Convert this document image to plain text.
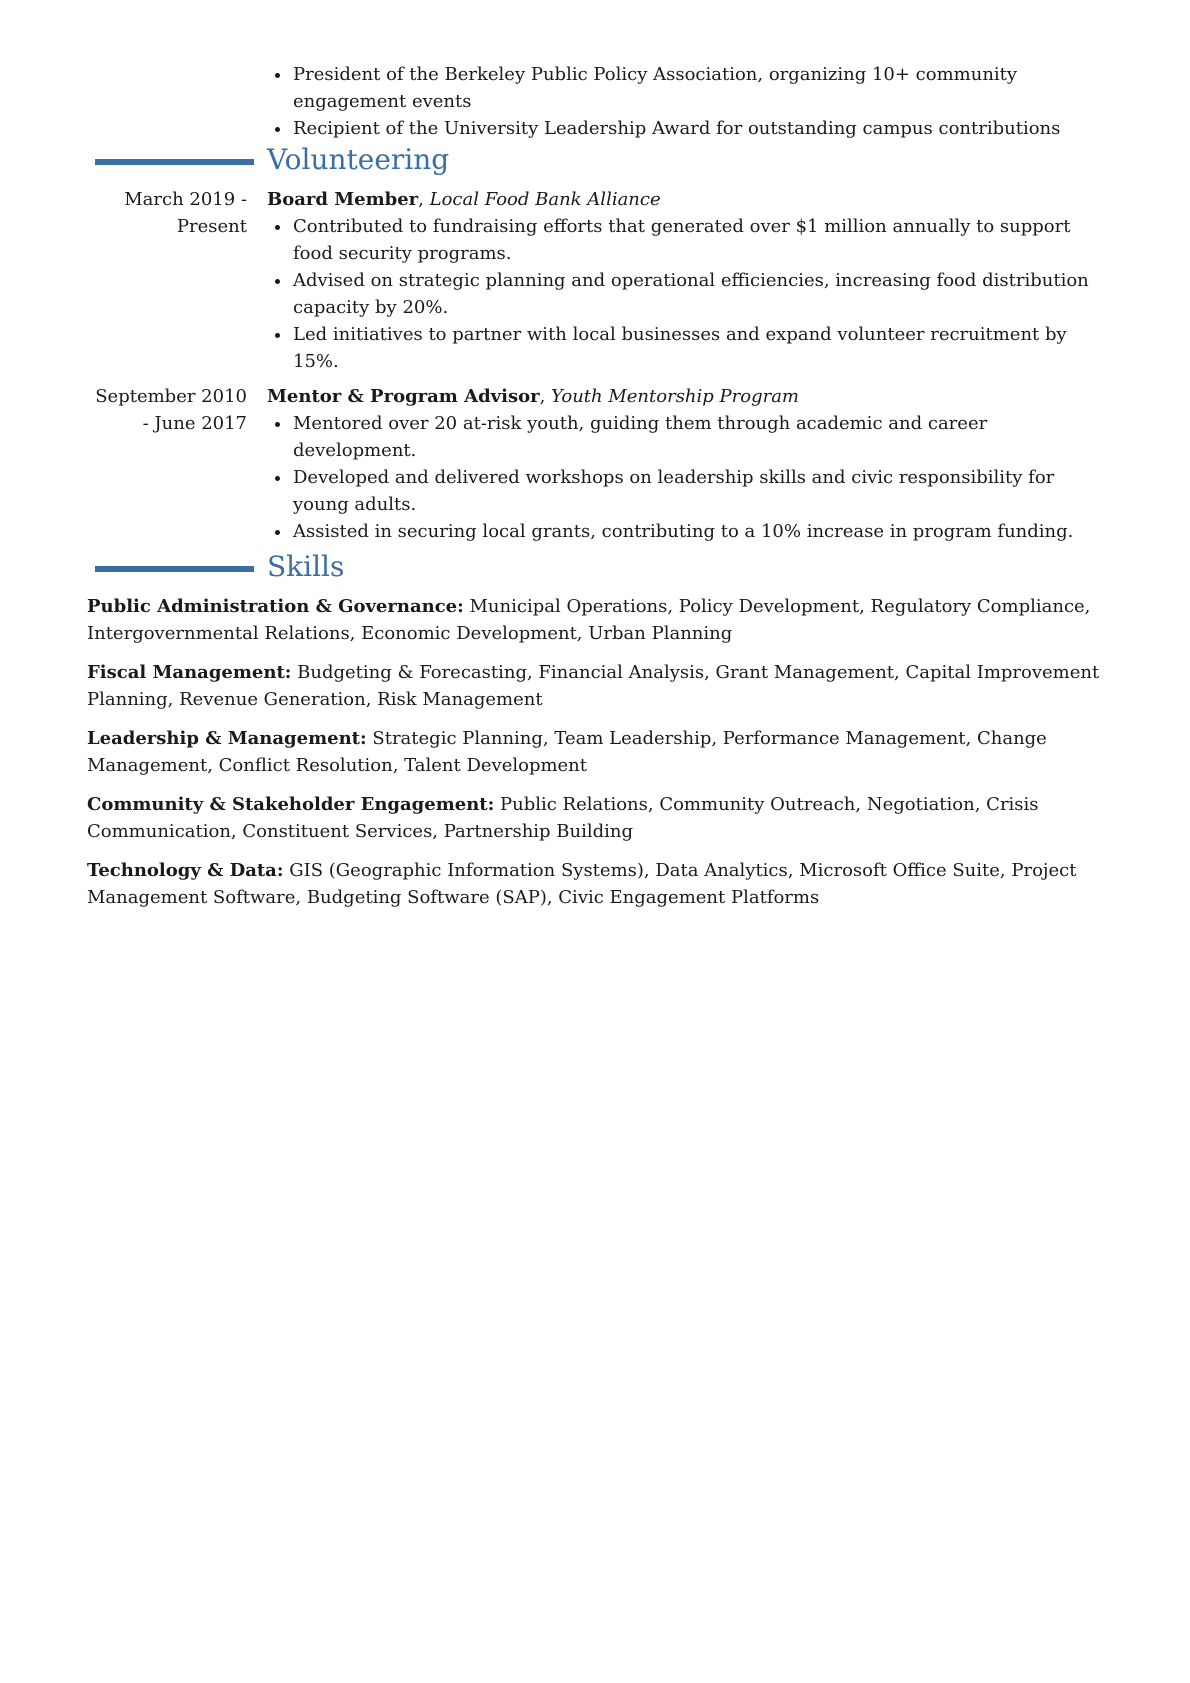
President of the Berkeley Public Policy Association, organizing 10+ community engagement events
Recipient of the University Leadership Award for outstanding campus contributions
Volunteering
March 2019 - Present
Board Member, Local Food Bank Alliance
Contributed to fundraising efforts that generated over $1 million annually to support food security programs.
Advised on strategic planning and operational efficiencies, increasing food distribution capacity by 20%.
Led initiatives to partner with local businesses and expand volunteer recruitment by 15%.
September 2010 - June 2017
Mentor & Program Advisor, Youth Mentorship Program
Mentored over 20 at-risk youth, guiding them through academic and career development.
Developed and delivered workshops on leadership skills and civic responsibility for young adults.
Assisted in securing local grants, contributing to a 10% increase in program funding.
Skills
Public Administration & Governance: Municipal Operations, Policy Development, Regulatory Compliance, Intergovernmental Relations, Economic Development, Urban Planning
Fiscal Management: Budgeting & Forecasting, Financial Analysis, Grant Management, Capital Improvement Planning, Revenue Generation, Risk Management
Leadership & Management: Strategic Planning, Team Leadership, Performance Management, Change Management, Conflict Resolution, Talent Development
Community & Stakeholder Engagement: Public Relations, Community Outreach, Negotiation, Crisis Communication, Constituent Services, Partnership Building
Technology & Data: GIS (Geographic Information Systems), Data Analytics, Microsoft Office Suite, Project Management Software, Budgeting Software (SAP), Civic Engagement Platforms
